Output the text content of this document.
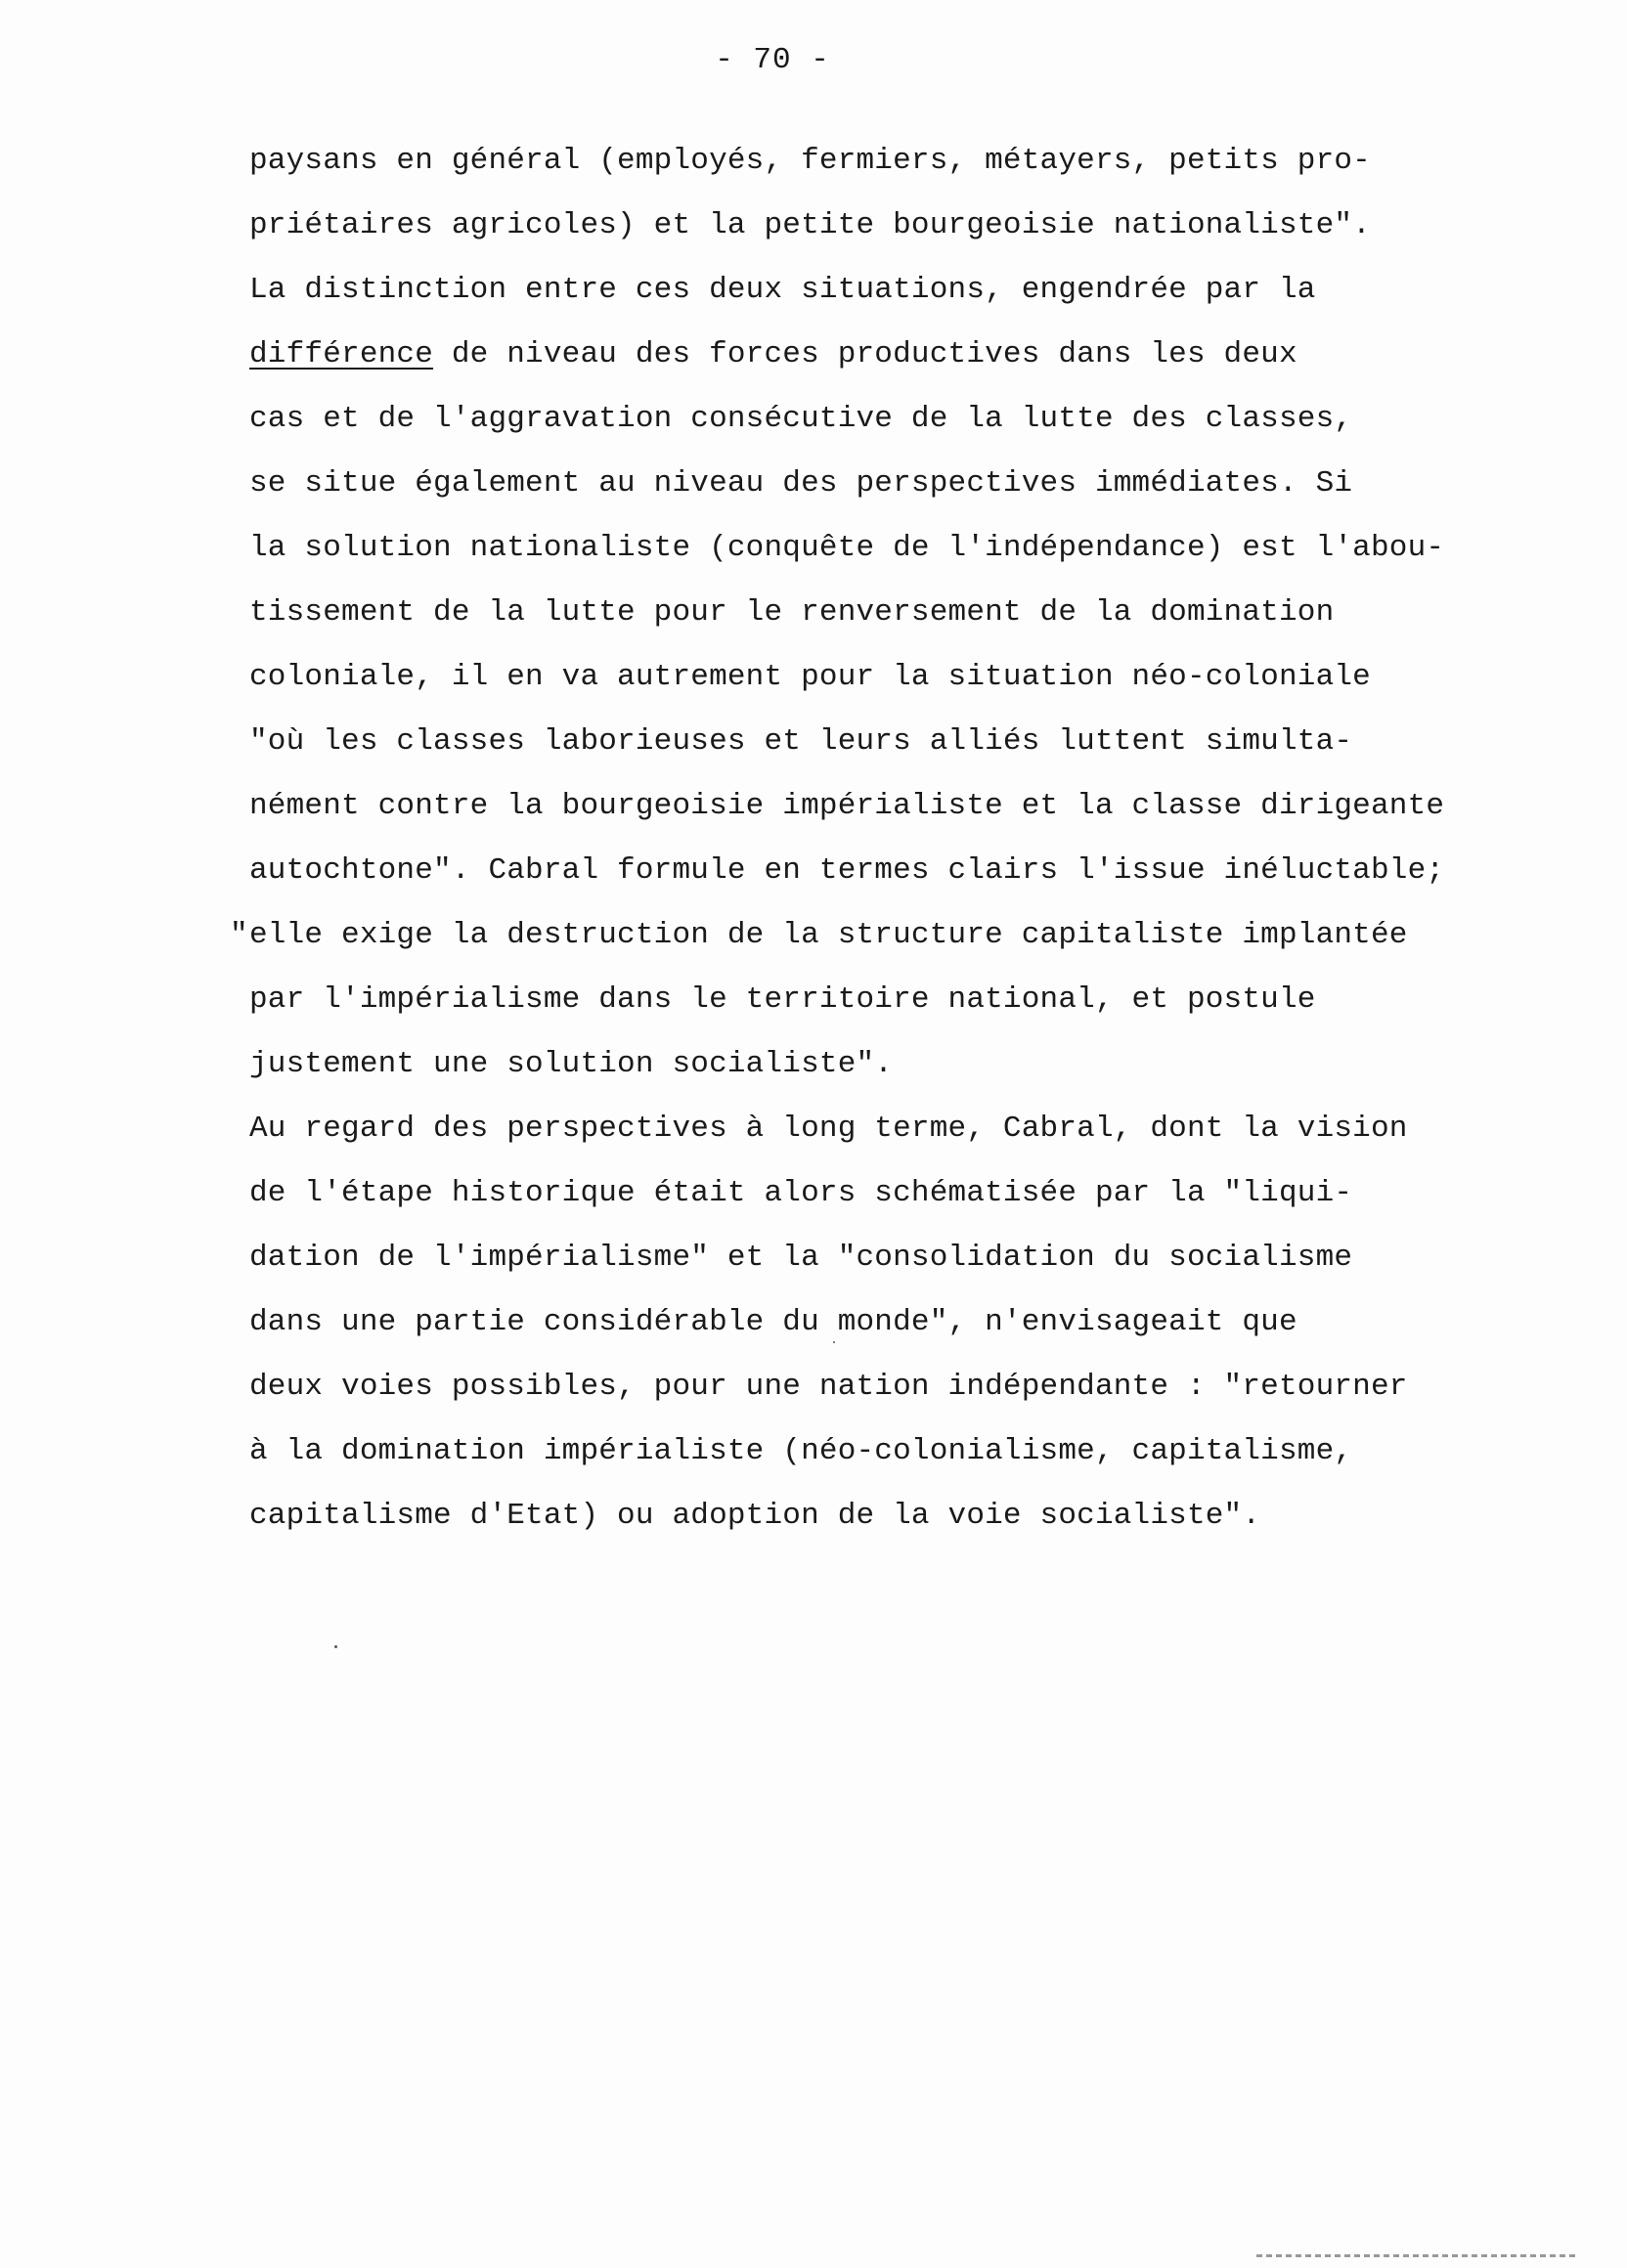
- 70 -
paysans en général (employés, fermiers, métayers, petits pro-
priétaires agricoles) et la petite bourgeoisie nationaliste".
La distinction entre ces deux situations, engendrée par la
différence de niveau des forces productives dans les deux
cas et de l'aggravation consécutive de la lutte des classes,
se situe également au niveau des perspectives immédiates. Si
la solution nationaliste (conquête de l'indépendance) est l'abou-
tissement de la lutte pour le renversement de la domination
coloniale, il en va autrement pour la situation néo-coloniale
"où les classes laborieuses et leurs alliés luttent simulta-
nément contre la bourgeoisie impérialiste et la classe dirigeante
autochtone". Cabral formule en termes clairs l'issue inéluctable;
" elle exige la destruction de la structure capitaliste implantée
par l'impérialisme dans le territoire national, et postule
justement une solution socialiste".
Au regard des perspectives à long terme, Cabral, dont la vision
de l'étape historique était alors schématisée par la "liqui-
dation de l'impérialisme" et la "consolidation du socialisme
dans une partie considérable du monde", n'envisageait que
deux voies possibles, pour une nation indépendante : "retourner
à la domination impérialiste (néo-colonialisme, capitalisme,
capitalisme d'Etat) ou adoption de la voie socialiste".
